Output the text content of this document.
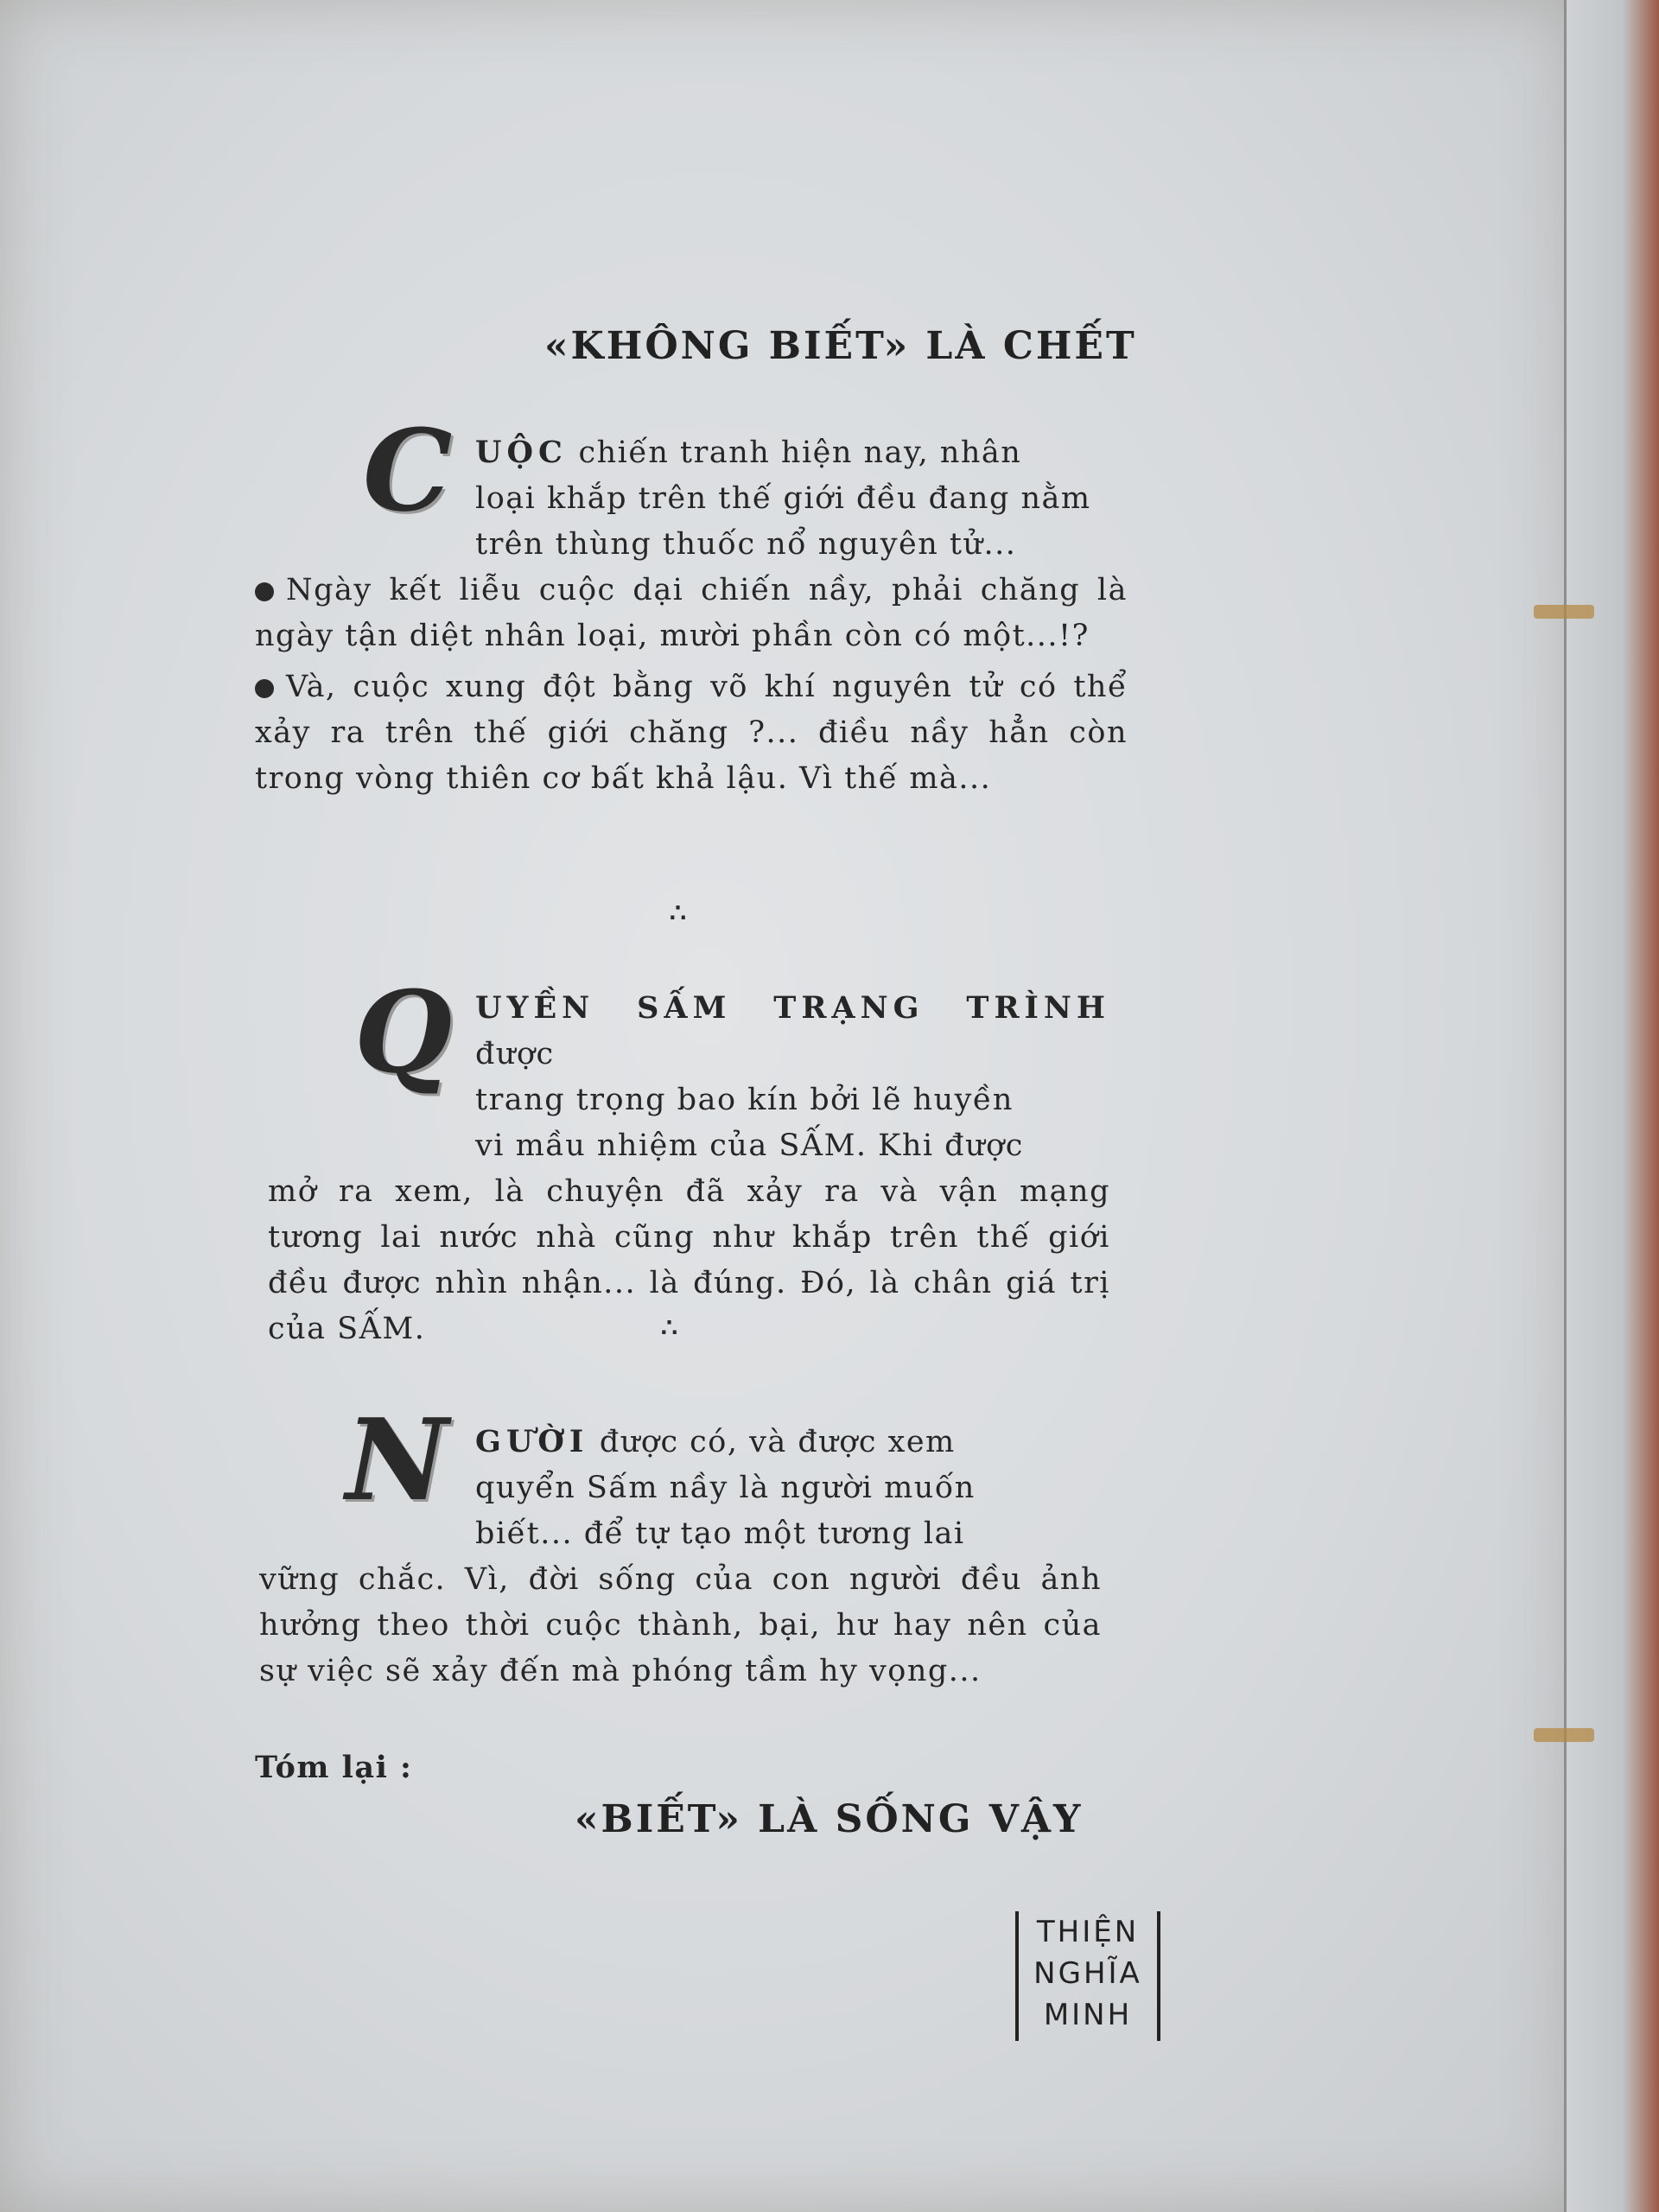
«KHÔNG BIẾT» LÀ CHẾT
C UỘC chiến tranh hiện nay, nhân
loại khắp trên thế giới đều đang nằm
trên thùng thuốc nổ nguyên tử...
Ngày kết liễu cuộc dại chiến nầy, phải chăng là ngày tận diệt nhân loại, mười phần còn có một...!?
Và, cuộc xung đột bằng võ khí nguyên tử có thể xảy ra trên thế giới chăng ?... điều nầy hẳn còn trong vòng thiên cơ bất khả lậu. Vì thế mà...
∴
Q UYỀN SẤM TRẠNG TRÌNH được
trang trọng bao kín bởi lẽ huyền
vi mầu nhiệm của SẤM. Khi được
mở ra xem, là chuyện đã xảy ra và vận mạng tương lai nước nhà cũng như khắp trên thế giới đều được nhìn nhận... là đúng. Đó, là chân giá trị của SẤM.	∴
N GƯỜI được có, và được xem
quyển Sấm nầy là người muốn
biết... để tự tạo một tương lai
vững chắc. Vì, đời sống của con người đều ảnh hưởng theo thời cuộc thành, bại, hư hay nên của sự việc sẽ xảy đến mà phóng tầm hy vọng...
Tóm lại :
«BIẾT» LÀ SỐNG VẬY
THIỆN
NGHĨA
MINH
